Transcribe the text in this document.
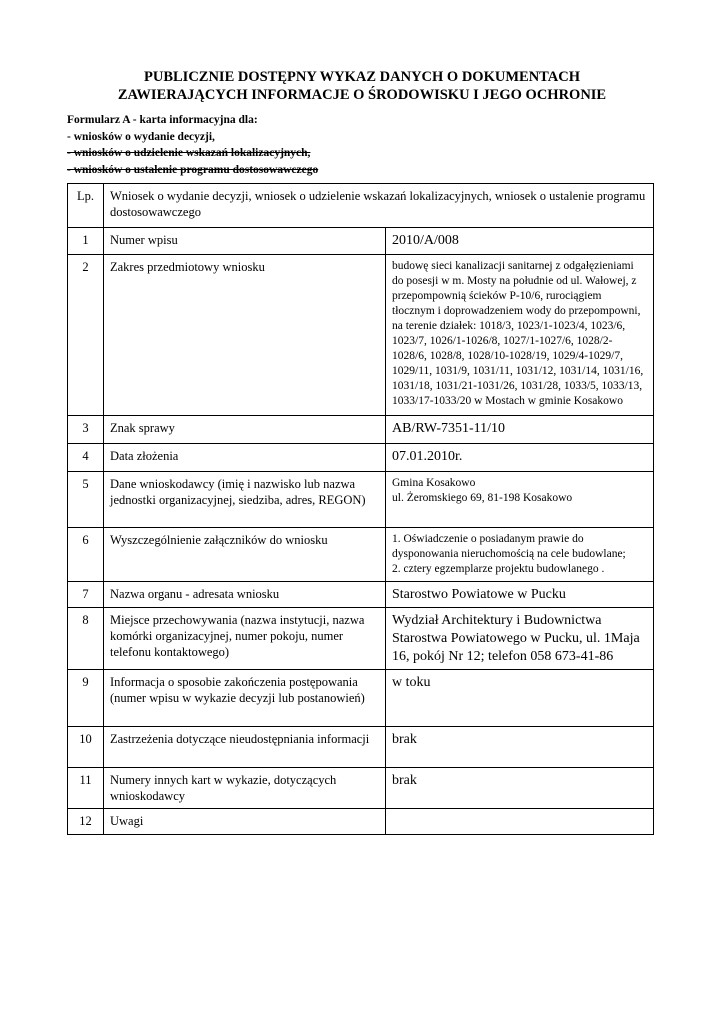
PUBLICZNIE DOSTĘPNY WYKAZ DANYCH O DOKUMENTACH
ZAWIERAJĄCYCH INFORMACJE O ŚRODOWISKU I JEGO OCHRONIE
Formularz A - karta informacyjna dla:
- wniosków o wydanie decyzji,
- wniosków o udzielenie wskazań lokalizacyjnych,
- wniosków o ustalenie programu dostosowawczego
Lp.	Wniosek o wydanie decyzji, wniosek o udzielenie wskazań lokalizacyjnych, wniosek o ustalenie programu dostosowawczego	
1	Numer wpisu	2010/A/008
2	Zakres przedmiotowy wniosku	budowę sieci kanalizacji sanitarnej z odgałęzieniami do posesji w m. Mosty na południe od ul. Wałowej, z przepompownią ścieków P-10/6, rurociągiem tłocznym i doprowadzeniem wody do przepompowni, na terenie działek: 1018/3, 1023/1-1023/4, 1023/6, 1023/7, 1026/1-1026/8, 1027/1-1027/6, 1028/2-1028/6, 1028/8, 1028/10-1028/19, 1029/4-1029/7, 1029/11, 1031/9, 1031/11, 1031/12, 1031/14, 1031/16, 1031/18, 1031/21-1031/26, 1031/28, 1033/5, 1033/13, 1033/17-1033/20 w Mostach w gminie Kosakowo
3	Znak sprawy	AB/RW-7351-11/10
4	Data złożenia	07.01.2010r.
5	Dane wnioskodawcy (imię i nazwisko lub nazwa jednostki organizacyjnej, siedziba, adres, REGON)	Gmina Kosakowo
ul. Żeromskiego 69, 81-198 Kosakowo

6	Wyszczególnienie załączników do wniosku	1. Oświadczenie o posiadanym prawie do dysponowania nieruchomością na cele budowlane;
2. cztery egzemplarze projektu budowlanego .

7	Nazwa organu - adresata wniosku	Starostwo Powiatowe w Pucku
8	Miejsce przechowywania (nazwa instytucji, nazwa komórki organizacyjnej, numer pokoju, numer telefonu kontaktowego)	Wydział Architektury i Budownictwa Starostwa Powiatowego w Pucku, ul. 1Maja 16, pokój Nr 12; telefon 058 673-41-86
9	Informacja o sposobie zakończenia postępowania (numer wpisu w wykazie decyzji lub postanowień)	w toku
10	Zastrzeżenia dotyczące nieudostępniania informacji	brak
11	Numery innych kart w wykazie, dotyczących wnioskodawcy	brak
12	Uwagi	
